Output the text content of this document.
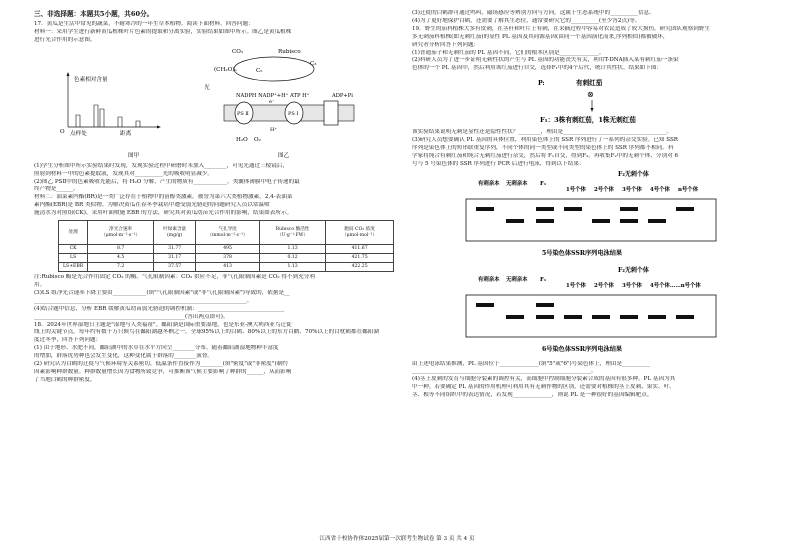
三、非选择题：本题共5小题，共60分。

17．黄瓜是生活中常见的蔬菜，不耐寒冷的一年生草本植物。阅读下面材料，回答问题：

材料一：采用学生进行新鲜黄瓜植株叶片色素的提取和分离实验，实验结果如图甲所示。图乙是黄瓜植株

进行光合作用的示意图。

色素相对含量
O 点样处	距离
图甲
CO₂	Rubisco
(CH₂O)ₙ	C₅
C₃
光
NADPH NADP⁺+H⁺ ATP H⁺	ADP+Pi
PS Ⅱ	PS Ⅰ
e⁻
H⁺
H₂O O₂
图乙

(1)学生分析图甲所示实验结果时发现，发现实验过程中研磨时未加入________，可见光通过三棱镜后，

照射到材料一中的色素提取液，发现其对__________光的吸收明显减少。

(2)图乙 PSⅡ中的色素吸收光能后，将 H₂O 分解，产生的物质有____________。类囊体薄膜中电子传递的最

终产物是______。

材料二：油菜素内酯(BR)是一类广泛存在于植物中的甾醇类激素。被誉为第六大类植物激素。2,4-表油菜

素内酯(EBR)是 BR 类似物。为解决黄瓜在春冬季栽培中遭受弱光胁迫的问题研究人员以常温喷

施清水为对照组(CK)，采用叶面喷施 EBR 的方法，研究其对黄瓜幼苗光合作用的影响，结果如表所示。

处理	净光合速率（μmol·m⁻²·s⁻¹）	叶绿素含量(mg/g)	气孔导度（mmol·m⁻²·s⁻¹）	Rubisco 酶活性（U·g⁻¹·FW）	胞间 CO₂ 浓度（μmol·mol⁻¹）
CK	8.7	31.77	495	1.13	411.67
LS	4.5	31.17	378	0.12	421.75
LS+EBR	7.2	37.57	413	1.13	422.25

注:Rubisco 酶是光合作用固定 CO₂ 的酶。气孔限制因素：CO₂ 供应不足，非气孔限制因素是 CO₂ 得不到充分利

用。

(3)LS 组净光合速率下降主要由____________(填"气孔限制因素"或"非气孔限制因素")导致的，依据是__

____________________________________________________________________________。

(4)结合题中信息，分析 EBR 缓解黄瓜幼苗弱光胁迫的调控机制：_______________________________

______________________________________________________(答出两点即可)。

18．2024年世界湿地日主题是"湿地与人类福祉"。鄱阳湖是国际重要湿地，也是东亚-澳大利西亚鸟迁徙

线上的关键节点，每年约有数十万只候鸟在鄱阳湖越冬栖之一，全球95%以上的白鹤、80%以上的东方白鹳、70%以上的白枕鹤都在鄱阳湖

度过冬季，回答下列问题：

(1) 由于地形、水肥不同，鄱阳湖中的水草在水平方向呈________分布。随着鄱阳湖湿地物种丰富度

的增加，群落优势种也会发生变化，这种变化属于群落的________演替。

(2) 研究认为白鹤的迁徙与气候环境等关系密切，低温条件直接作为________(填"密度"或"非密度")制约

因素影响种群数量。种群数量增长因为食物所致竞争，可推断该气候主要影响了种群的______，从而影响

了当地白鹤的种群密度。

(3)迁徙的白鹤群可通过鸣叫、磁场感应等辨别方向与方向，这属于生态系统中的__________信息。

(4)为了更好地保护白鹤，还需要了解其生态位，通常要研究它的__________(至少答2点)等。

19．野生的茄科植株大多有皮刺，在茎秆和叶片上有刺，在采摘过程中容易对农民造成了较大损伤，研究团队观察到野生

多无刺茄科植株(如无刺红茄)的显性 PL 基因及其同源基因(由同一个基因演化而来,序列相似)都被破坏，

研究者分析回答下列问题：

(1)普通茄子和无刺红茄的 PL 基因不同，它们的根本区别是______________。

(2)科研人员为了进一步证明无刺性状的产生与 PL 基因的功能丧失有关，利用T-DNA插入某有刺红茄一条染

色体的一个 PL 基因中，然后利用该红茄进行自交，选择F₁中的4个后代，统计其性状。结果如下图：

P:	有刺红茄
⊗
F₁：3株有刺红茄，1株无刺红茄

该实验结果说明无刺是显性还是隐性性状？________，理由是_____________________________________。

(3)研究人员想要确认 PL 基因的具体位置，利用染色体上的 SSR 序列进行了一系列的杂交实验。已知 SSR

序列是染色体上的短串联重复序列，不同个体的同一类型或不同类型的染色体上的 SSR 序列都不相同。科

学家将纯合有刺红茄和纯合无刺红茄进行杂交，然后将 F₁自交，得到F₂。再收集F₂中的无刺个体，分别对 6

号与 5 号染色体的 SSR 序列进行 PCR 后进行电泳，得到以下结果：

F₂无刺个体
有刺亲本 无刺亲本 F₁
1号个体 2号个体 3号个体 4号个体 n号个体
5号染色体SSR序列电泳结果

F₂无刺个体
有刺亲本 无刺亲本 F₁
1号个体 2号个体 3号个体 4号个体……n号个体
6号染色体SSR序列电泳结果

由上述电泳结果推测，PL 基因位于______________(填"5"或"6")号染色体上，理由是__________

________________________________________________________________。

(4)茎上皮刺的发育与细胞分裂素的调控有关，而细胞中控制细胞分裂素合成的基因有很多种。PL 基因为其

中一种。若要确定 PL 基因的作用机理可利用其有无刺作物的区别，还需要对植株的茎上皮刺、果实、叶、

茎、根等不同组织中的表达情况，若发现______________，则说 PL 是一种很好的基因编辑靶点。

江西省十校协作体2025届第一次联考生物试卷 第 3 页 共 4 页
